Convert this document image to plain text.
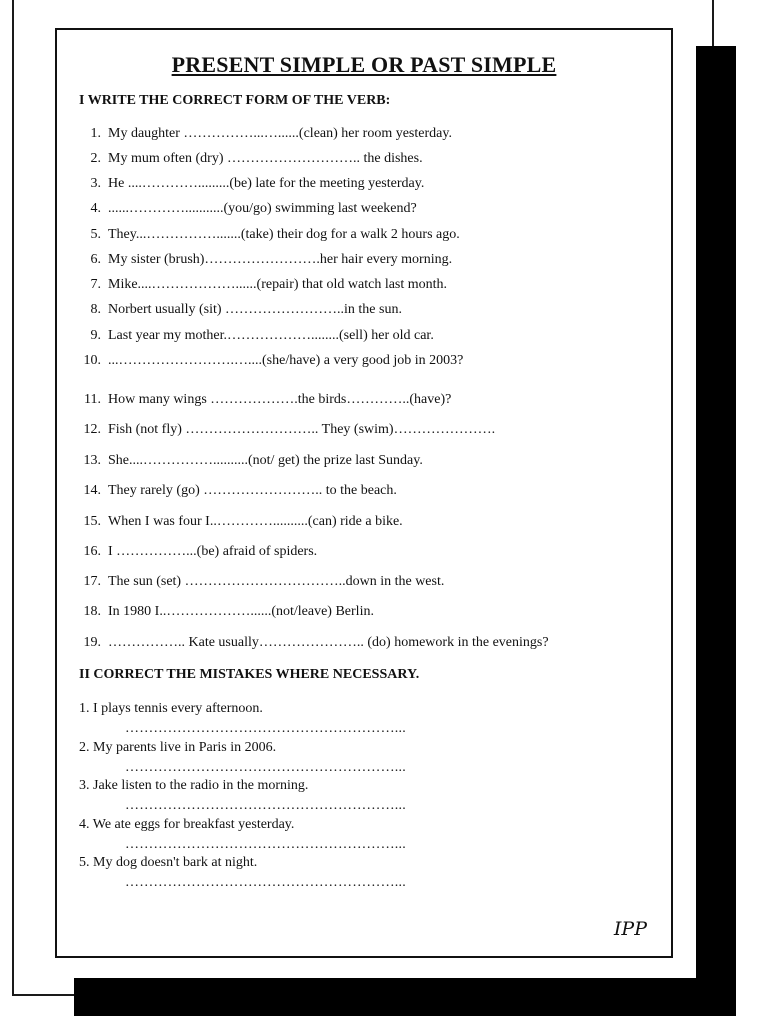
PRESENT SIMPLE OR PAST SIMPLE
I WRITE THE CORRECT FORM OF THE VERB:
1. My daughter ……………...…......(clean) her room yesterday.
2. My mum often (dry) ……………………….. the dishes.
3. He ....………….........(be) late for the meeting yesterday.
4. ......…………...........(you/go) swimming last weekend?
5. They...…………….......(take) their dog for a walk 2 hours ago.
6. My sister (brush)…………………….her hair every morning.
7. Mike....………………......(repair) that old watch last month.
8. Norbert usually (sit) ……………………..in the sun.
9. Last year my mother.………………........(sell) her old car.
10. ...…………………….…....(she/have) a very good job in 2003?
11. How many wings ……………….the birds…………..(have)?
12. Fish (not fly) ……………………….. They (swim)………………….
13. She....……………..........(not/ get) the prize last Sunday.
14. They rarely (go) …………………….. to the beach.
15. When I was four I..…………..........(can) ride a bike.
16. I ……………...(be) afraid of spiders.
17. The sun (set) ……………………………..down in the west.
18. In 1980 I..………………......(not/leave) Berlin.
19. …………….. Kate usually………………….. (do) homework in the evenings?
II CORRECT THE MISTAKES WHERE NECESSARY.
1. I plays tennis every afternoon.
…………………………………………………...
2. My parents live in Paris in 2006.
…………………………………………………...
3. Jake listen to the radio in the morning.
…………………………………………………...
4. We ate eggs for breakfast yesterday.
…………………………………………………...
5. My dog doesn't bark at night.
…………………………………………………...
IPP
